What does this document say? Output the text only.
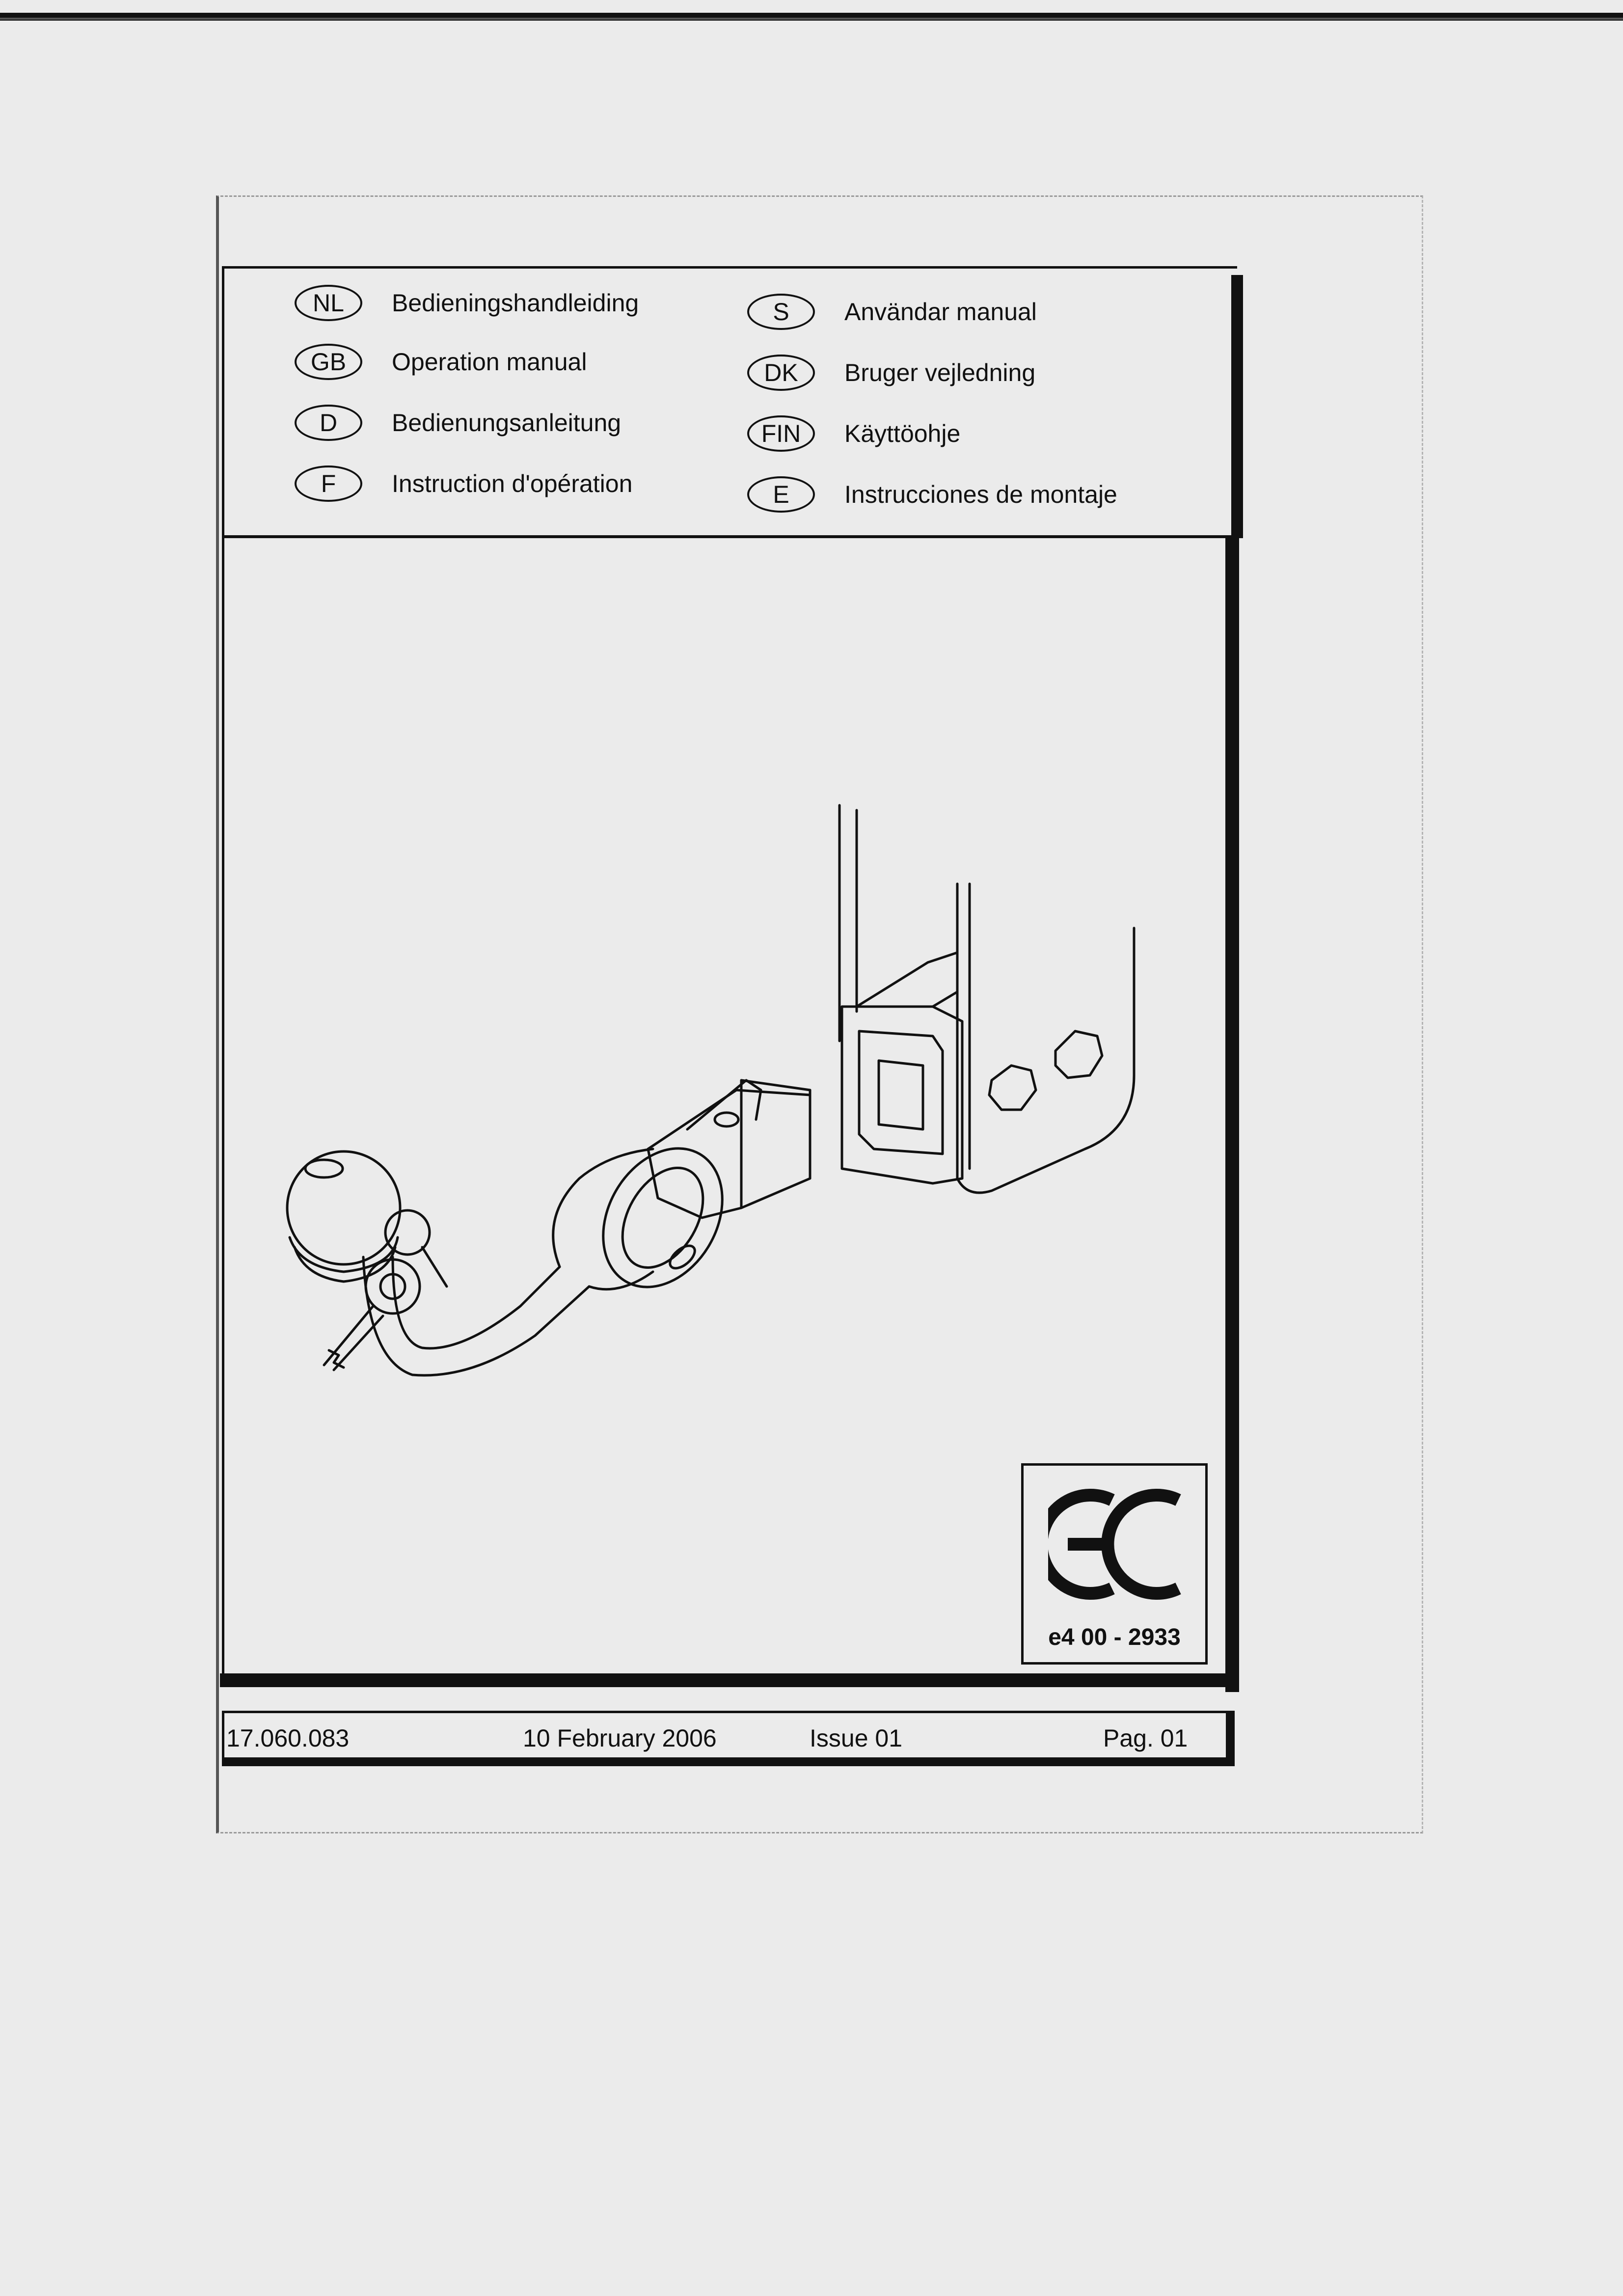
NL	Bedieningshandleiding
GB	Operation manual
D	Bedienungsanleitung
F	Instruction d'opération
S	Användar manual
DK	Bruger vejledning
FIN	Käyttöohje
E	Instrucciones de montaje
e4 00 - 2933
17.060.083	10 February 2006	Issue 01	Pag. 01
